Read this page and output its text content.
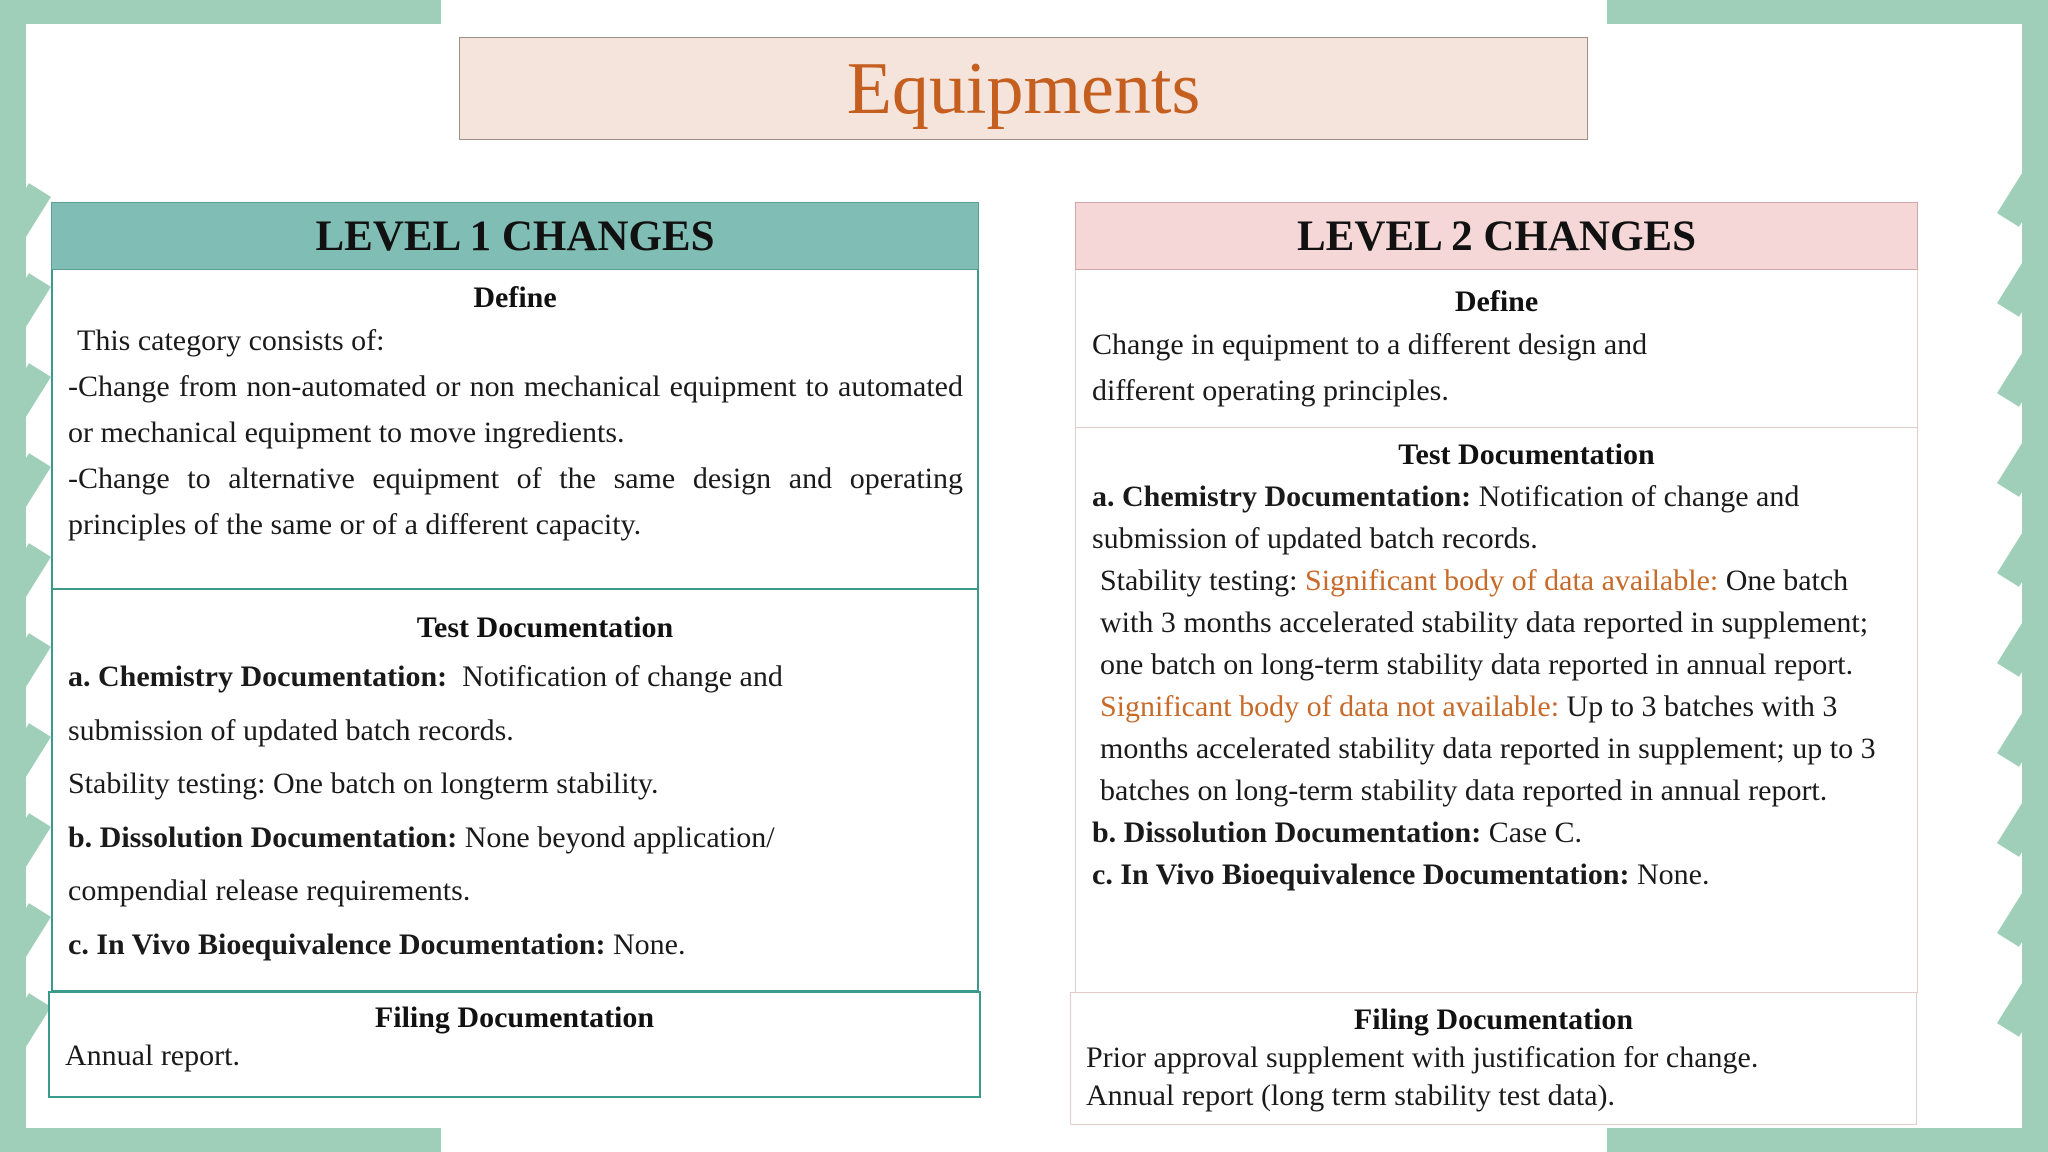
Equipments
LEVEL 1 CHANGES
Define
This category consists of:
-Change from non-automated or non mechanical equipment to automated or mechanical equipment to move ingredients.
-Change to alternative equipment of the same design and operating principles of the same or of a different capacity.
Test Documentation
a. Chemistry Documentation: Notification of change and
submission of updated batch records.
Stability testing: One batch on longterm stability.
b. Dissolution Documentation: None beyond application/
compendial release requirements.
c. In Vivo Bioequivalence Documentation: None.
Filing Documentation
Annual report.
LEVEL 2 CHANGES
Define
Change in equipment to a different design and
different operating principles.
Test Documentation
a. Chemistry Documentation: Notification of change and submission of updated batch records.
Stability testing: Significant body of data available: One batch with 3 months accelerated stability data reported in supplement; one batch on long-term stability data reported in annual report.
Significant body of data not available: Up to 3 batches with 3 months accelerated stability data reported in supplement; up to 3 batches on long-term stability data reported in annual report.
b. Dissolution Documentation: Case C.
c. In Vivo Bioequivalence Documentation: None.
Filing Documentation
Prior approval supplement with justification for change.
Annual report (long term stability test data).
